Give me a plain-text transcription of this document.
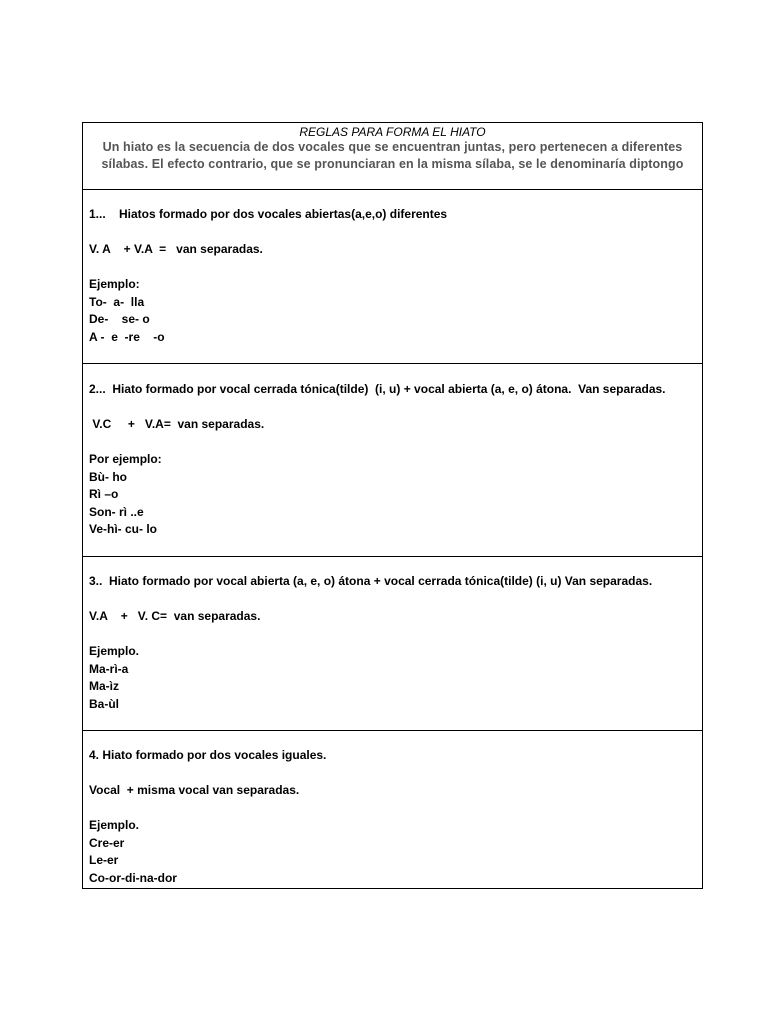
REGLAS PARA FORMA EL HIATO
Un hiato es la secuencia de dos vocales que se encuentran juntas, pero pertenecen a diferentes
sílabas. El efecto contrario, que se pronunciaran en la misma sílaba, se le denominaría diptongo
1...    Hiatos formado por dos vocales abiertas(a,e,o) diferentes
V. A    + V.A  =   van separadas.
Ejemplo:
To-  a-  lla
De-    se- o
A -  e  -re    -o
2...  Hiato formado por vocal cerrada tónica(tilde)  (i, u) + vocal abierta (a, e, o) átona.  Van separadas.
V.C     +   V.A=  van separadas.
Por ejemplo:
Bù- ho
Rì –o
Son- rì ..e
Ve-hì- cu- lo
3..  Hiato formado por vocal abierta (a, e, o) átona + vocal cerrada tónica(tilde) (i, u) Van separadas.
V.A    +   V. C=  van separadas.
Ejemplo.
Ma-rì-a
Ma-ìz
Ba-ùl
4. Hiato formado por dos vocales iguales.
Vocal  + misma vocal van separadas.
Ejemplo.
Cre-er
Le-er
Co-or-di-na-dor
